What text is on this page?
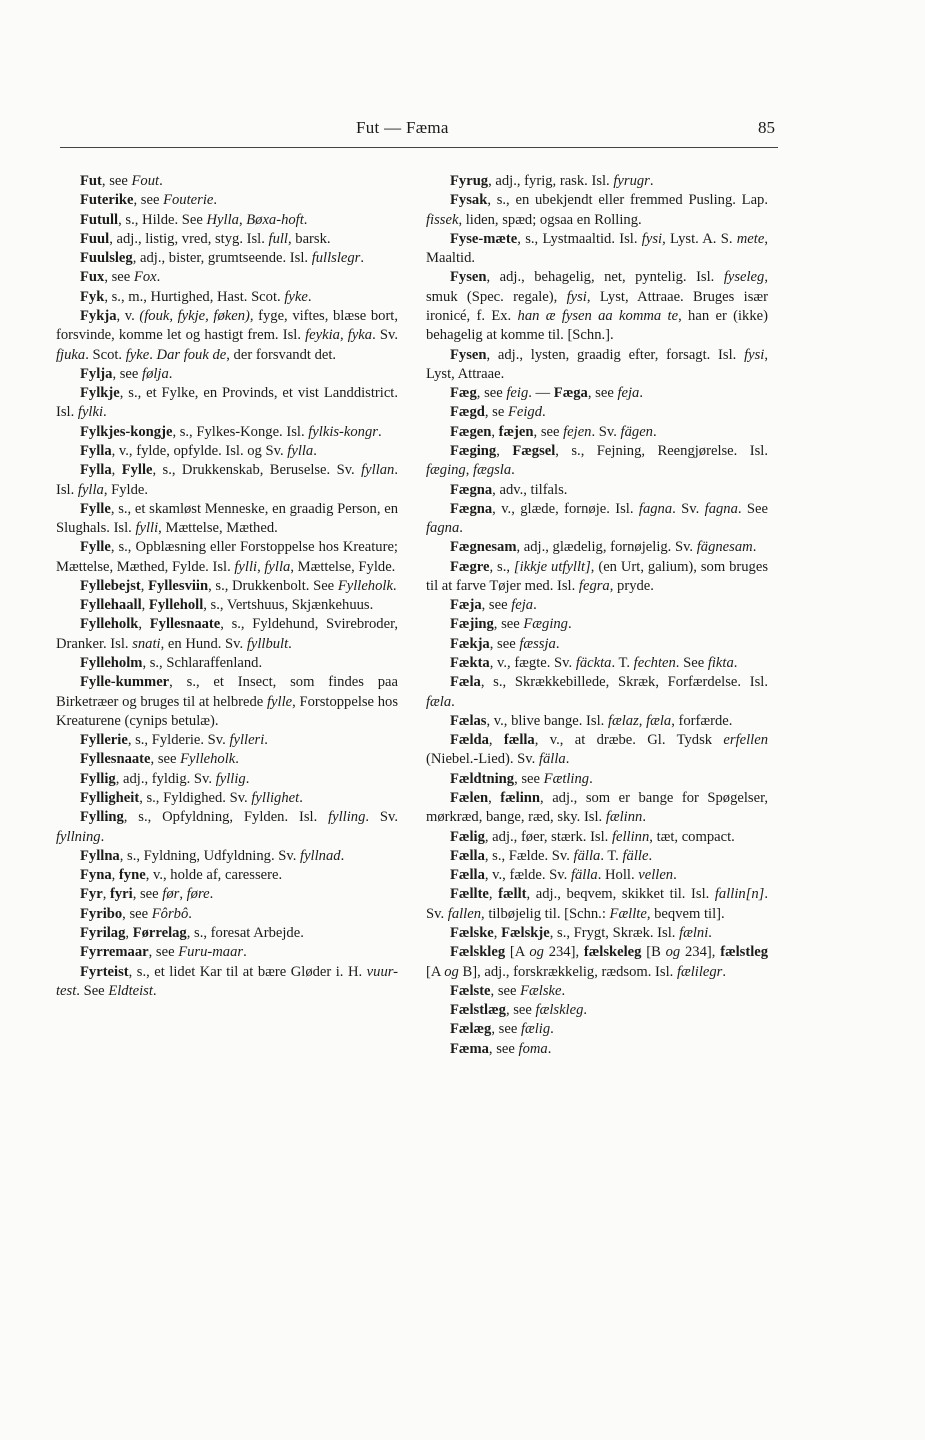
Fut — Fæma	85

Fut, see Fout.

Futerike, see Fouterie.

Futull, s., Hilde. See Hylla, Bøxa-hoft.

Fuul, adj., listig, vred, styg. Isl. full, barsk.

Fuulsleg, adj., bister, grumtseende. Isl. fullslegr.

Fux, see Fox.

Fyk, s., m., Hurtighed, Hast. Scot. fyke.

Fykja, v. (fouk, fykje, føken), fyge, viftes, blæse bort, forsvinde, komme let og hastigt frem. Isl. feykia, fyka. Sv. fjuka. Scot. fyke. Dar fouk de, der forsvandt det.

Fylja, see følja.

Fylkje, s., et Fylke, en Provinds, et vist Landdistrict. Isl. fylki.

Fylkjes-kongje, s., Fylkes-Konge. Isl. fylkis-kongr.

Fylla, v., fylde, opfylde. Isl. og Sv. fylla.

Fylla, Fylle, s., Drukkenskab, Beruselse. Sv. fyllan. Isl. fylla, Fylde.

Fylle, s., et skamløst Menneske, en graadig Person, en Slughals. Isl. fylli, Mættelse, Mæthed.

Fylle, s., Opblæsning eller Forstoppelse hos Kreature; Mættelse, Mæthed, Fylde. Isl. fylli, fylla, Mættelse, Fylde.

Fyllebejst, Fyllesviin, s., Drukkenbolt. See Fylleholk.

Fyllehaall, Fylleholl, s., Vertshuus, Skjænkehuus.

Fylleholk, Fyllesnaate, s., Fyldehund, Svirebroder, Dranker. Isl. snati, en Hund. Sv. fyllbult.

Fylleholm, s., Schlaraffenland.

Fylle-kummer, s., et Insect, som findes paa Birketræer og bruges til at helbrede fylle, Forstoppelse hos Kreaturene (cynips betulæ).

Fyllerie, s., Fylderie. Sv. fylleri.

Fyllesnaate, see Fylleholk.

Fyllig, adj., fyldig. Sv. fyllig.

Fylligheit, s., Fyldighed. Sv. fyllighet.

Fylling, s., Opfyldning, Fylden. Isl. fylling. Sv. fyllning.

Fyllna, s., Fyldning, Udfyldning. Sv. fyllnad.

Fyna, fyne, v., holde af, caressere.

Fyr, fyri, see før, føre.

Fyribo, see Fôrbô.

Fyrilag, Førrelag, s., foresat Arbejde.

Fyrremaar, see Furu-maar.

Fyrteist, s., et lidet Kar til at bære Gløder i. H. vuur-test. See Eldteist.

Fyrug, adj., fyrig, rask. Isl. fyrugr.

Fysak, s., en ubekjendt eller fremmed Pusling. Lap. fissek, liden, spæd; ogsaa en Rolling.

Fyse-mæte, s., Lystmaaltid. Isl. fysi, Lyst. A. S. mete, Maaltid.

Fysen, adj., behagelig, net, pyntelig. Isl. fyseleg, smuk (Spec. regale), fysi, Lyst, Attraae. Bruges især ironicé, f. Ex. han æ fysen aa komma te, han er (ikke) behagelig at komme til. [Schn.].

Fysen, adj., lysten, graadig efter, forsagt. Isl. fysi, Lyst, Attraae.

Fæg, see feig. — Fæga, see feja.

Fægd, se Feigd.

Fægen, fæjen, see fejen. Sv. fägen.

Fæging, Fægsel, s., Fejning, Reengjørelse. Isl. fæging, fægsla.

Fægna, adv., tilfals.

Fægna, v., glæde, fornøje. Isl. fagna. Sv. fagna. See fagna.

Fægnesam, adj., glædelig, fornøjelig. Sv. fägnesam.

Fægre, s., [ikkje utfyllt], (en Urt, galium), som bruges til at farve Tøjer med. Isl. fegra, pryde.

Fæja, see feja.

Fæjing, see Fæging.

Fækja, see fæssja.

Fækta, v., fægte. Sv. fäckta. T. fechten. See fikta.

Fæla, s., Skrækkebillede, Skræk, Forfærdelse. Isl. fæla.

Fælas, v., blive bange. Isl. fælaz, fæla, forfærde.

Fælda, fælla, v., at dræbe. Gl. Tydsk erfellen (Niebel.-Lied). Sv. fälla.

Fældtning, see Fætling.

Fælen, fælinn, adj., som er bange for Spøgelser, mørkræd, bange, ræd, sky. Isl. fælinn.

Fælig, adj., føer, stærk. Isl. fellinn, tæt, compact.

Fælla, s., Fælde. Sv. fälla. T. fälle.

Fælla, v., fælde. Sv. fälla. Holl. vellen.

Fællte, fællt, adj., beqvem, skikket til. Isl. fallin[n]. Sv. fallen, tilbøjelig til. [Schn.: Fællte, beqvem til].

Fælske, Fælskje, s., Frygt, Skræk. Isl. fælni.

Fælskleg [A og 234], fælskeleg [B og 234], fælstleg [A og B], adj., forskrækkelig, rædsom. Isl. fælilegr.

Fælste, see Fælske.

Fælstlæg, see fælskleg.

Fælæg, see fælig.

Fæma, see foma.
